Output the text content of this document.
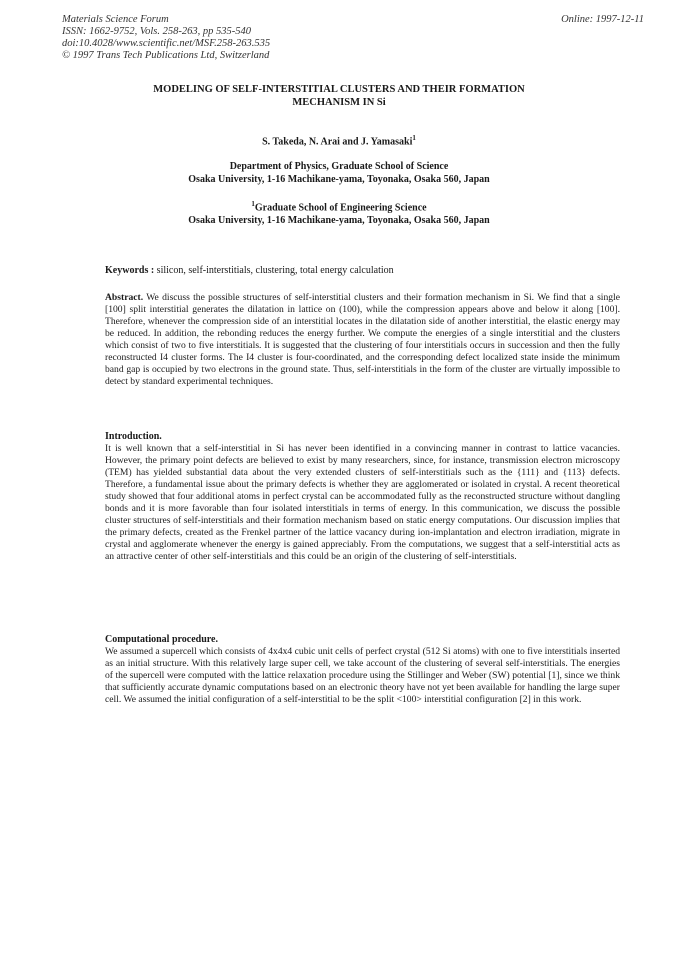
Materials Science Forum
ISSN: 1662-9752, Vols. 258-263, pp 535-540
doi:10.4028/www.scientific.net/MSF.258-263.535
© 1997 Trans Tech Publications Ltd, Switzerland
Online: 1997-12-11
MODELING OF SELF-INTERSTITIAL CLUSTERS AND THEIR FORMATION
MECHANISM IN Si
S. Takeda, N. Arai and J. Yamasaki$^1$
Department of Physics, Graduate School of Science
Osaka University, 1-16 Machikane-yama, Toyonaka, Osaka 560, Japan
$^1$Graduate School of Engineering Science
Osaka University, 1-16 Machikane-yama, Toyonaka, Osaka 560, Japan
Keywords : silicon, self-interstitials, clustering, total energy calculation
Abstract. We discuss the possible structures of self-interstitial clusters and their formation mechanism in Si. We find that a single [100] split interstitial generates the dilatation in lattice on (100), while the compression appears above and below it along [100]. Therefore, whenever the compression side of an interstitial locates in the dilatation side of another interstitial, the elastic energy may be reduced. In addition, the rebonding reduces the energy further. We compute the energies of a single interstitial and the clusters which consist of two to five interstitials. It is suggested that the clustering of four interstitials occurs in succession and then the fully reconstructed I4 cluster forms. The I4 cluster is four-coordinated, and the corresponding defect localized state inside the minimum band gap is occupied by two electrons in the ground state. Thus, self-interstitials in the form of the cluster are virtually impossible to detect by standard experimental techniques.
Introduction.
It is well known that a self-interstitial in Si has never been identified in a convincing manner in contrast to lattice vacancies. However, the primary point defects are believed to exist by many researchers, since, for instance, transmission electron microscopy (TEM) has yielded substantial data about the very extended clusters of self-interstitials such as the {111} and {113} defects. Therefore, a fundamental issue about the primary defects is whether they are agglomerated or isolated in crystal. A recent theoretical study showed that four additional atoms in perfect crystal can be accommodated fully as the reconstructed structure without dangling bonds and it is more favorable than four isolated interstitials in terms of energy. In this communication, we discuss the possible cluster structures of self-interstitials and their formation mechanism based on static energy computations. Our discussion implies that the primary defects, created as the Frenkel partner of the lattice vacancy during ion-implantation and electron irradiation, migrate in crystal and agglomerate whenever the energy is gained appreciably. From the computations, we suggest that a self-interstitial acts as an attractive center of other self-interstitials and this could be an origin of the clustering of self-interstitials.
Computational procedure.
We assumed a supercell which consists of 4x4x4 cubic unit cells of perfect crystal (512 Si atoms) with one to five interstitials inserted as an initial structure. With this relatively large super cell, we take account of the clustering of several self-interstitials. The energies of the supercell were computed with the lattice relaxation procedure using the Stillinger and Weber (SW) potential [1], since we think that sufficiently accurate dynamic computations based on an electronic theory have not yet been available for handling the large super cell. We assumed the initial configuration of a self-interstitial to be the split <100> interstitial configuration [2] in this work.
